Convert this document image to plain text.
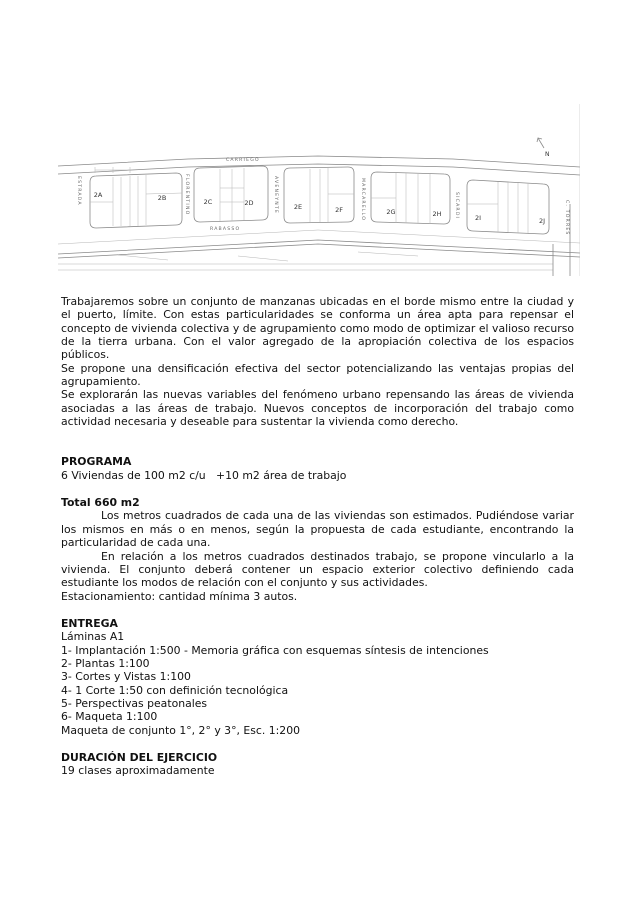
2A	2B	2C	2D	2E	2F	2G	2H	2I	2J
CARRIEGO
RABASSO
ESTRADA	FLORENTINO	AVENEYNTE	MARCARELLO	SICARDI	C. TORRES
N

Trabajaremos sobre un conjunto de manzanas ubicadas en el borde mismo entre la ciudad y el puerto, límite. Con estas particularidades se conforma un área apta para repensar el concepto de vivienda colectiva y de agrupamiento como modo de optimizar el valioso recurso de la tierra urbana. Con el valor agregado de la apropiación colectiva de los espacios públicos.

Se propone una densificación efectiva del sector potencializando las ventajas propias del agrupamiento.

Se explorarán las nuevas variables del fenómeno urbano repensando las áreas de vivienda asociadas a las áreas de trabajo. Nuevos conceptos de incorporación del trabajo como actividad necesaria y deseable para sustentar la vivienda como derecho.

PROGRAMA

6 Viviendas de 100 m2 c/u   +10 m2 área de trabajo

Total 660 m2

Los metros cuadrados de cada una de las viviendas son estimados. Pudiéndose variar los mismos en más o en menos, según la propuesta de cada estudiante, encontrando la particularidad de cada una.

En relación a los metros cuadrados destinados trabajo, se propone vincularlo a la vivienda. El conjunto deberá contener un espacio exterior colectivo definiendo cada estudiante los modos de relación con el conjunto y sus actividades.

Estacionamiento: cantidad mínima 3 autos.

ENTREGA

Láminas A1

1- Implantación 1:500 - Memoria gráfica con esquemas síntesis de intenciones

2- Plantas 1:100

3- Cortes y Vistas 1:100

4- 1 Corte 1:50 con definición tecnológica

5- Perspectivas peatonales

6- Maqueta 1:100

Maqueta de conjunto 1°, 2° y 3°, Esc. 1:200

DURACIÓN DEL EJERCICIO

19 clases aproximadamente
